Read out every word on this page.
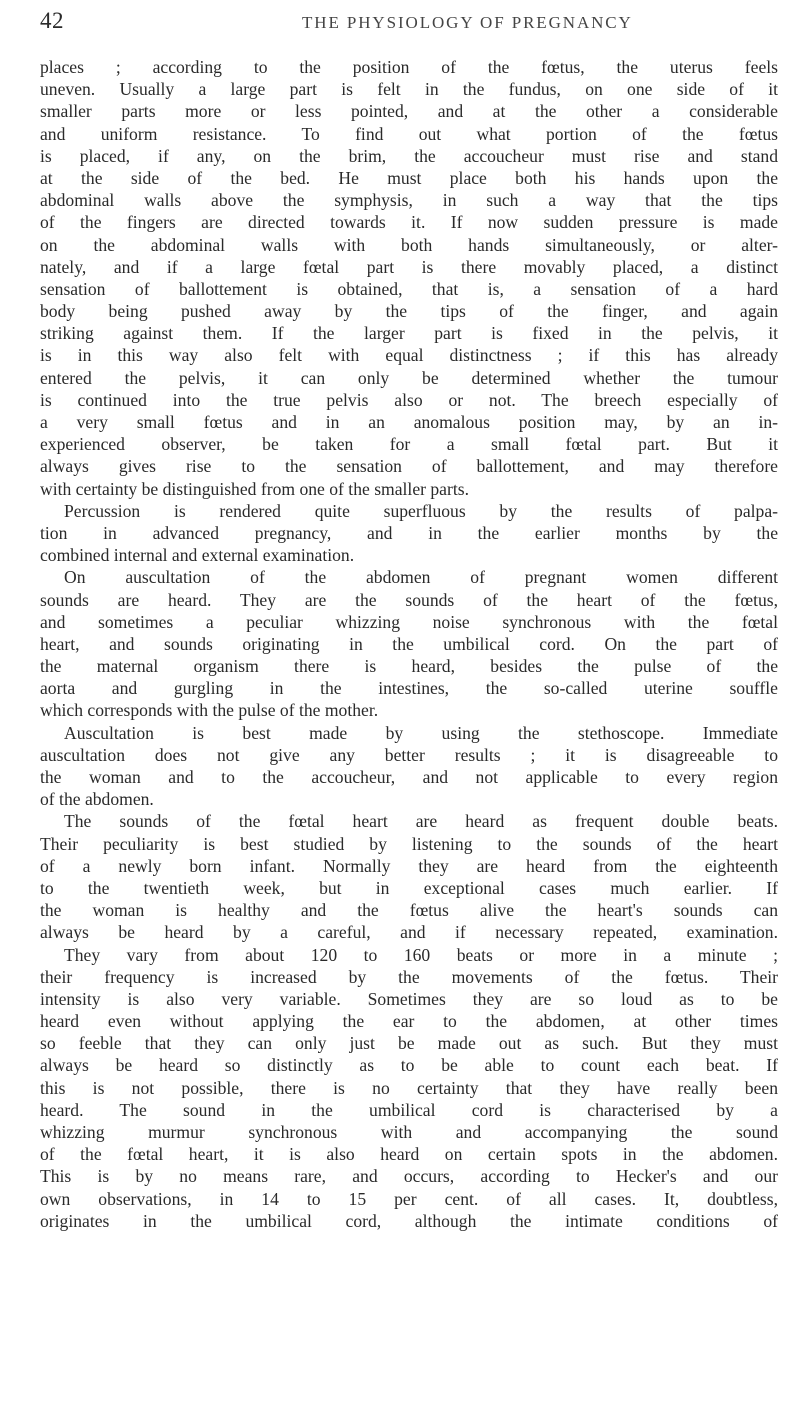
42	THE PHYSIOLOGY OF PREGNANCY
places ; according to the position of the fœtus, the uterus feels
uneven. Usually a large part is felt in the fundus, on one side of it
smaller parts more or less pointed, and at the other a considerable
and uniform resistance. To find out what portion of the fœtus
is placed, if any, on the brim, the accoucheur must rise and stand
at the side of the bed. He must place both his hands upon the
abdominal walls above the symphysis, in such a way that the tips
of the fingers are directed towards it. If now sudden pressure is made
on the abdominal walls with both hands simultaneously, or alter-
nately, and if a large fœtal part is there movably placed, a distinct
sensation of ballottement is obtained, that is, a sensation of a hard
body being pushed away by the tips of the finger, and again
striking against them. If the larger part is fixed in the pelvis, it
is in this way also felt with equal distinctness ; if this has already
entered the pelvis, it can only be determined whether the tumour
is continued into the true pelvis also or not. The breech especially of
a very small fœtus and in an anomalous position may, by an in-
experienced observer, be taken for a small fœtal part. But it
always gives rise to the sensation of ballottement, and may therefore
with certainty be distinguished from one of the smaller parts.
Percussion is rendered quite superfluous by the results of palpa-
tion in advanced pregnancy, and in the earlier months by the
combined internal and external examination.
On auscultation of the abdomen of pregnant women different
sounds are heard. They are the sounds of the heart of the fœtus,
and sometimes a peculiar whizzing noise synchronous with the fœtal
heart, and sounds originating in the umbilical cord. On the part of
the maternal organism there is heard, besides the pulse of the
aorta and gurgling in the intestines, the so-called uterine souffle
which corresponds with the pulse of the mother.
Auscultation is best made by using the stethoscope. Immediate
auscultation does not give any better results ; it is disagreeable to
the woman and to the accoucheur, and not applicable to every region
of the abdomen.
The sounds of the fœtal heart are heard as frequent double beats.
Their peculiarity is best studied by listening to the sounds of the heart
of a newly born infant. Normally they are heard from the eighteenth
to the twentieth week, but in exceptional cases much earlier. If
the woman is healthy and the fœtus alive the heart's sounds can
always be heard by a careful, and if necessary repeated, examination.
They vary from about 120 to 160 beats or more in a minute ;
their frequency is increased by the movements of the fœtus. Their
intensity is also very variable. Sometimes they are so loud as to be
heard even without applying the ear to the abdomen, at other times
so feeble that they can only just be made out as such. But they must
always be heard so distinctly as to be able to count each beat. If
this is not possible, there is no certainty that they have really been
heard. The sound in the umbilical cord is characterised by a
whizzing murmur synchronous with and accompanying the sound
of the fœtal heart, it is also heard on certain spots in the abdomen.
This is by no means rare, and occurs, according to Hecker's and our
own observations, in 14 to 15 per cent. of all cases. It, doubtless,
originates in the umbilical cord, although the intimate conditions of
